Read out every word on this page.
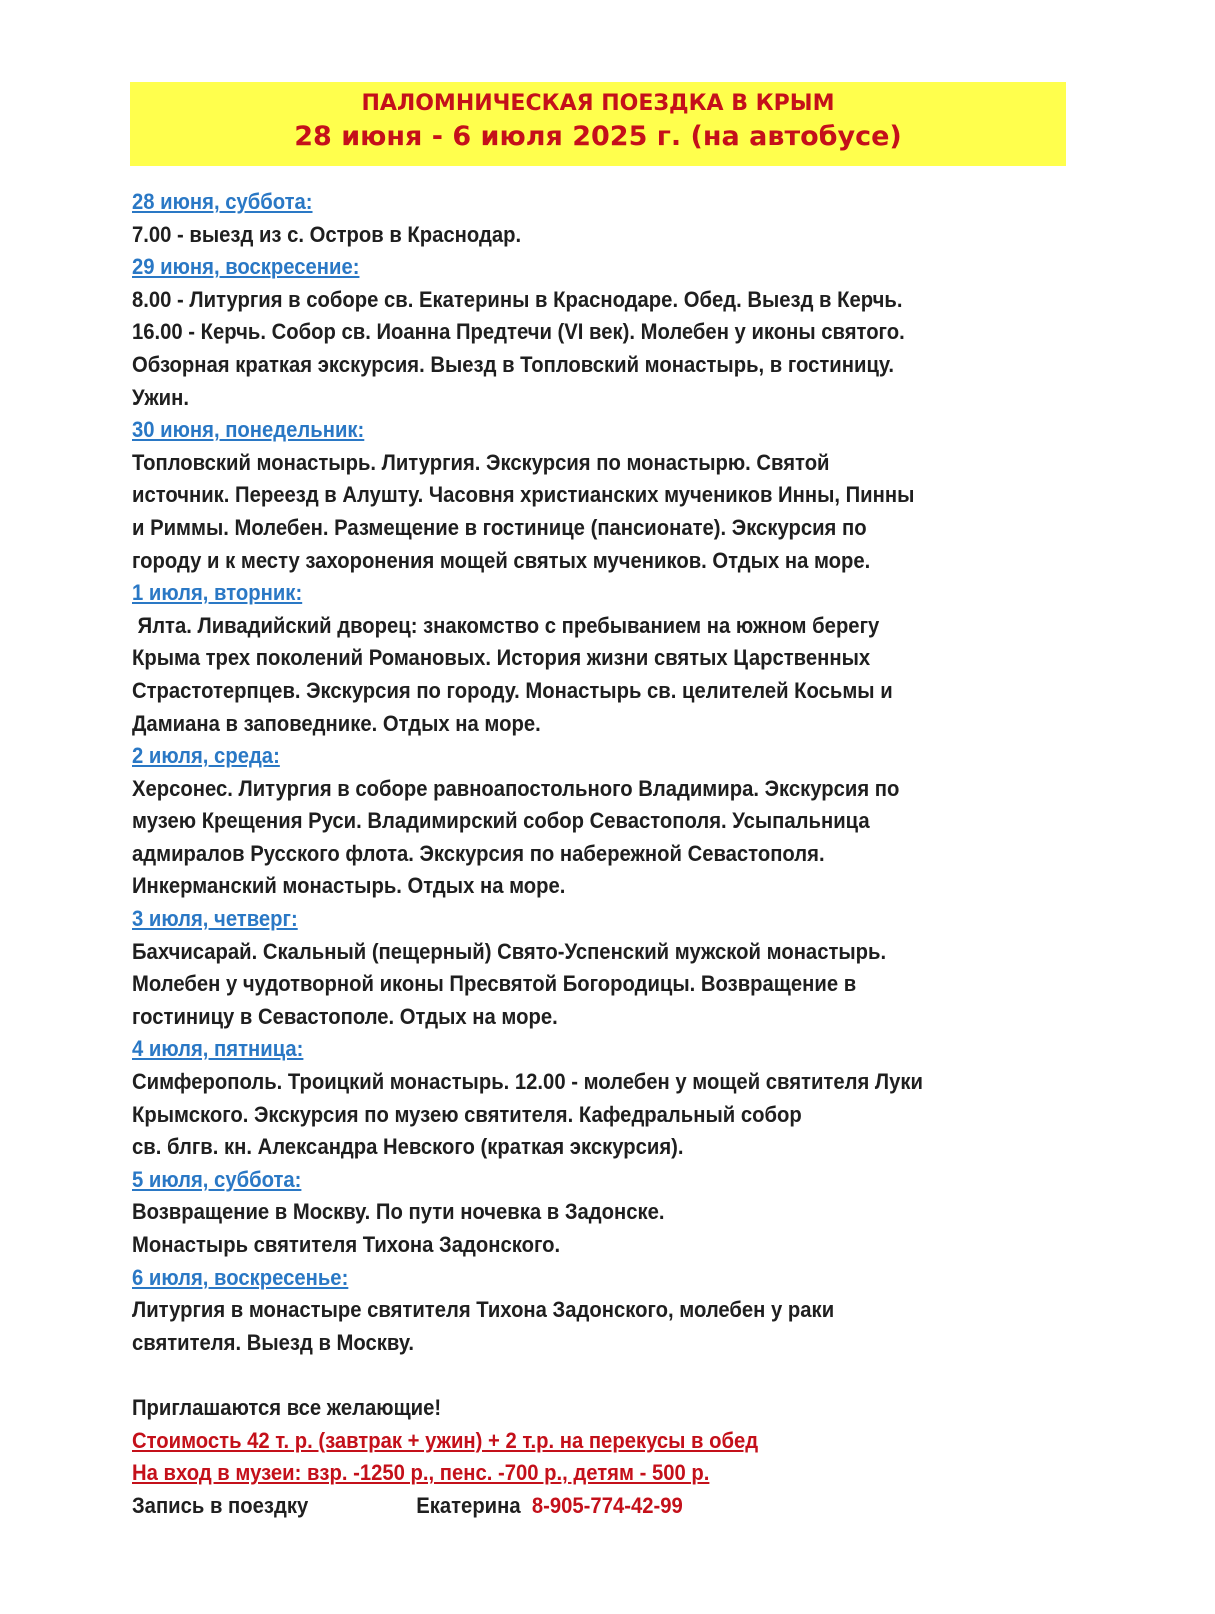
ПАЛОМНИЧЕСКАЯ ПОЕЗДКА В КРЫМ
28 июня - 6 июля 2025 г. (на автобусе)
28 июня, суббота:
7.00 - выезд из с. Остров в Краснодар.
29 июня, воскресение:
8.00 - Литургия в соборе св. Екатерины в Краснодаре. Обед. Выезд в Керчь.
16.00 - Керчь. Собор св. Иоанна Предтечи (VI век). Молебен у иконы святого.
Обзорная краткая экскурсия. Выезд в Топловский монастырь, в гостиницу.
Ужин.
30 июня, понедельник:
Топловский монастырь. Литургия. Экскурсия по монастырю. Святой
источник. Переезд в Алушту. Часовня христианских мучеников Инны, Пинны
и Риммы. Молебен. Размещение в гостинице (пансионате). Экскурсия по
городу и к месту захоронения мощей святых мучеников. Отдых на море.
1 июля, вторник:
Ялта. Ливадийский дворец: знакомство с пребыванием на южном берегу
Крыма трех поколений Романовых. История жизни святых Царственных
Страстотерпцев. Экскурсия по городу. Монастырь св. целителей Косьмы и
Дамиана в заповеднике. Отдых на море.
2 июля, среда:
Херсонес. Литургия в соборе равноапостольного Владимира. Экскурсия по
музею Крещения Руси. Владимирский собор Севастополя. Усыпальница
адмиралов Русского флота. Экскурсия по набережной Севастополя.
Инкерманский монастырь. Отдых на море.
3 июля, четверг:
Бахчисарай. Скальный (пещерный) Свято-Успенский мужской монастырь.
Молебен у чудотворной иконы Пресвятой Богородицы. Возвращение в
гостиницу в Севастополе. Отдых на море.
4 июля, пятница:
Симферополь. Троицкий монастырь. 12.00 - молебен у мощей святителя Луки
Крымского. Экскурсия по музею святителя. Кафедральный собор
св. блгв. кн. Александра Невского (краткая экскурсия).
5 июля, суббота:
Возвращение в Москву. По пути ночевка в Задонске.
Монастырь святителя Тихона Задонского.
6 июля, воскресенье:
Литургия в монастыре святителя Тихона Задонского, молебен у раки
святителя. Выезд в Москву.
Приглашаются все желающие!
Стоимость 42 т. р. (завтрак + ужин) + 2 т.р. на перекусы в обед
На вход в музеи: взр. -1250 р., пенс. -700 р., детям - 500 р.
Запись в поездку	Екатерина 8-905-774-42-99
